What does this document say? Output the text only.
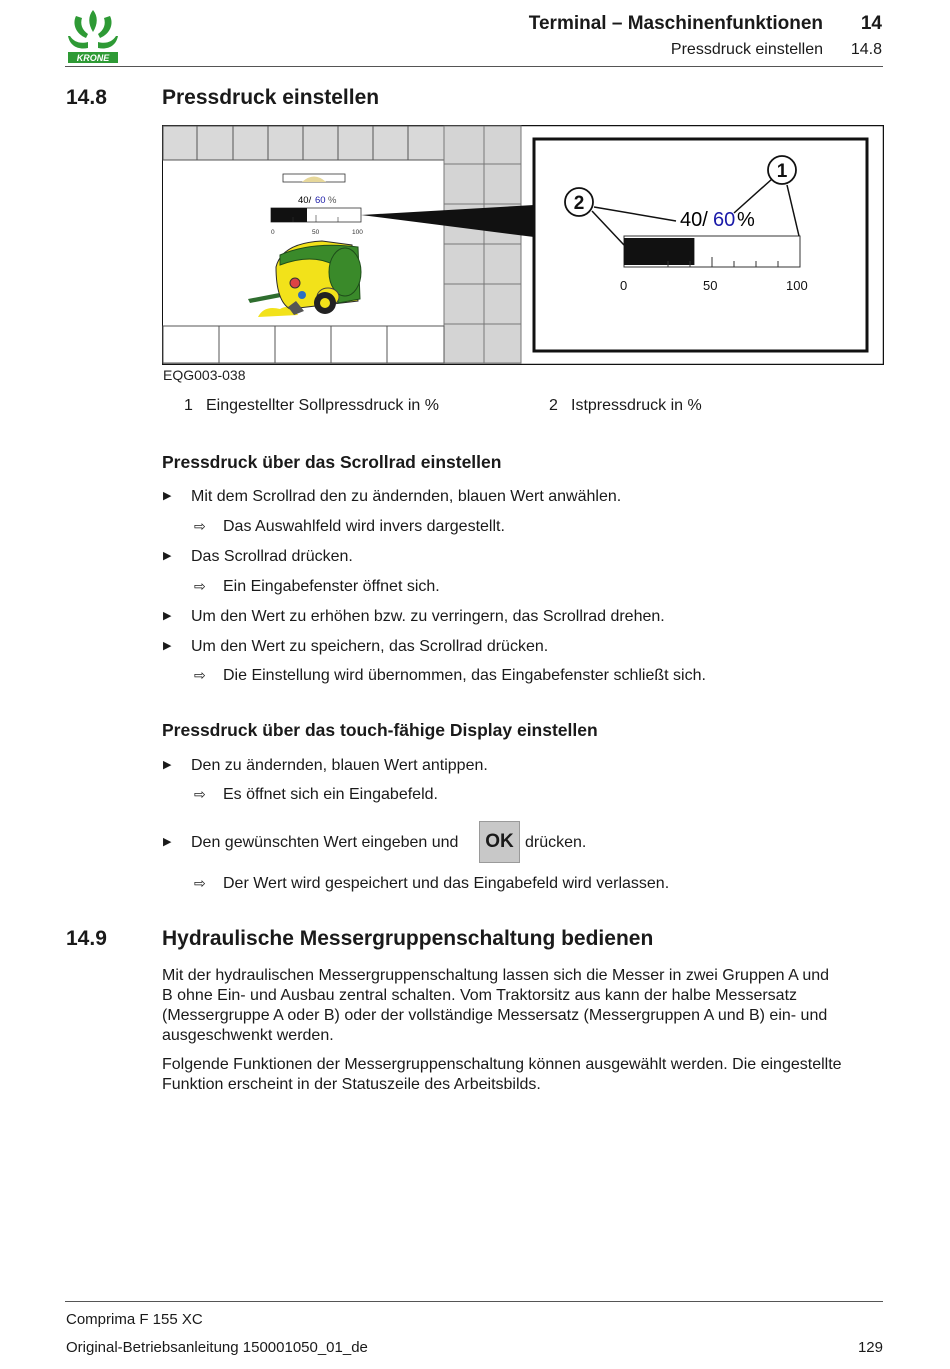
KRONE
Terminal – Maschinenfunktionen 14
Pressdruck einstellen 14.8
14.8	Pressdruck einstellen
40/ 60 %
0	50	100
40/ 60 %
0	50	100
2
1
EQG003-038
1 Eingestellter Sollpressdruck in %	2 Istpressdruck in %
Pressdruck über das Scrollrad einstellen
▶ Mit dem Scrollrad den zu ändernden, blauen Wert anwählen.
⇨ Das Auswahlfeld wird invers dargestellt.
▶ Das Scrollrad drücken.
⇨ Ein Eingabefenster öffnet sich.
▶ Um den Wert zu erhöhen bzw. zu verringern, das Scrollrad drehen.
▶ Um den Wert zu speichern, das Scrollrad drücken.
⇨ Die Einstellung wird übernommen, das Eingabefenster schließt sich.
Pressdruck über das touch-fähige Display einstellen
▶ Den zu ändernden, blauen Wert antippen.
⇨ Es öffnet sich ein Eingabefeld.
▶ Den gewünschten Wert eingeben und	OK drücken.
⇨ Der Wert wird gespeichert und das Eingabefeld wird verlassen.
14.9	Hydraulische Messergruppenschaltung bedienen
Mit der hydraulischen Messergruppenschaltung lassen sich die Messer in zwei Gruppen A und
B ohne Ein- und Ausbau zentral schalten. Vom Traktorsitz aus kann der halbe Messersatz
(Messergruppe A oder B) oder der vollständige Messersatz (Messergruppen A und B) ein- und
ausgeschwenkt werden.
Folgende Funktionen der Messergruppenschaltung können ausgewählt werden. Die eingestellte
Funktion erscheint in der Statuszeile des Arbeitsbilds.
Comprima F 155 XC
Original-Betriebsanleitung 150001050_01_de	129
